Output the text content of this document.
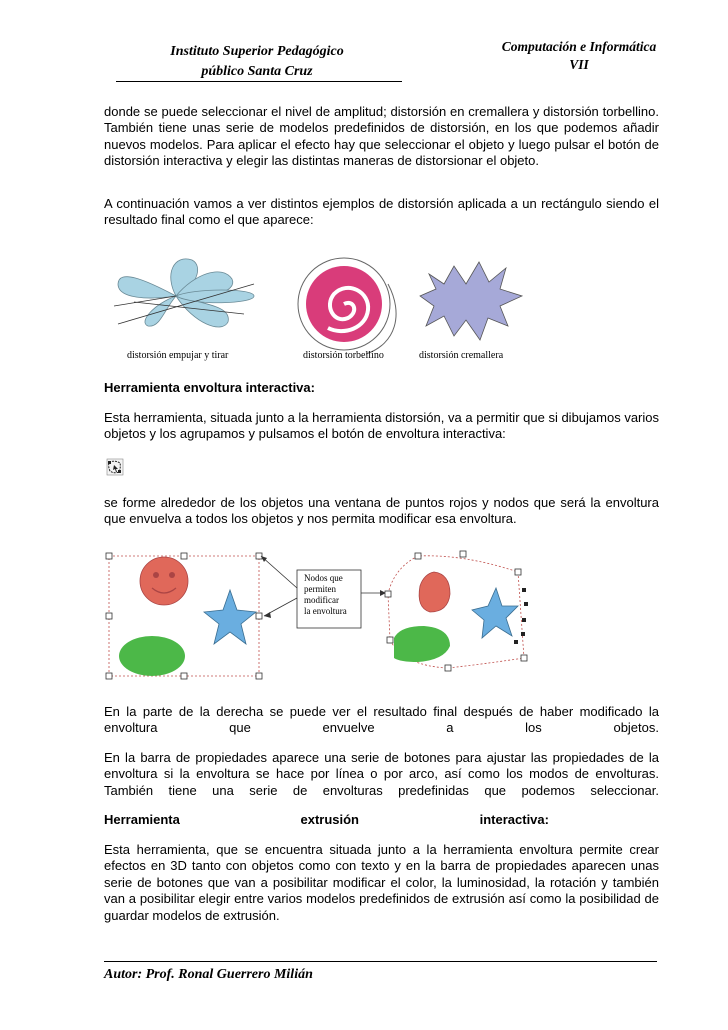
Instituto Superior Pedagógico
público Santa Cruz
Computación e Informática
VII
donde se puede seleccionar el nivel de amplitud; distorsión en cremallera y distorsión torbellino. También tiene unas serie de modelos predefinidos de distorsión, en los que podemos añadir nuevos modelos. Para aplicar el efecto hay que seleccionar el objeto y luego pulsar el botón de distorsión interactiva y elegir las distintas maneras de distorsionar el objeto.
A continuación vamos a ver distintos ejemplos de distorsión aplicada a un rectángulo siendo el resultado final como el que aparece:
distorsión empujar y tirar	distorsión torbellino	distorsión cremallera
Herramienta envoltura interactiva:
Esta herramienta, situada junto a la herramienta distorsión, va a permitir que si dibujamos varios objetos y los agrupamos y pulsamos el botón de envoltura interactiva:
se forme alrededor de los objetos una ventana de puntos rojos y nodos que será la envoltura que envuelva a todos los objetos y nos permita modificar esa envoltura.
Nodos que
permiten
modificar
la envoltura
En la parte de la derecha se puede ver el resultado final después de haber modificado la envoltura que envuelve a los objetos.
En la barra de propiedades aparece una serie de botones para ajustar las propiedades de la envoltura si la envoltura se hace por línea o por arco, así como los modos de envolturas. También tiene una serie de envolturas predefinidas que podemos seleccionar.
Herramienta	extrusión	interactiva:
Esta herramienta, que se encuentra situada junto a la herramienta envoltura permite crear efectos en 3D tanto con objetos como con texto y en la barra de propiedades aparecen unas serie de botones que van a posibilitar modificar el color, la luminosidad, la rotación y también van a posibilitar elegir entre varios modelos predefinidos de extrusión así como la posibilidad de guardar modelos de extrusión.
Autor: Prof. Ronal Guerrero Milián
